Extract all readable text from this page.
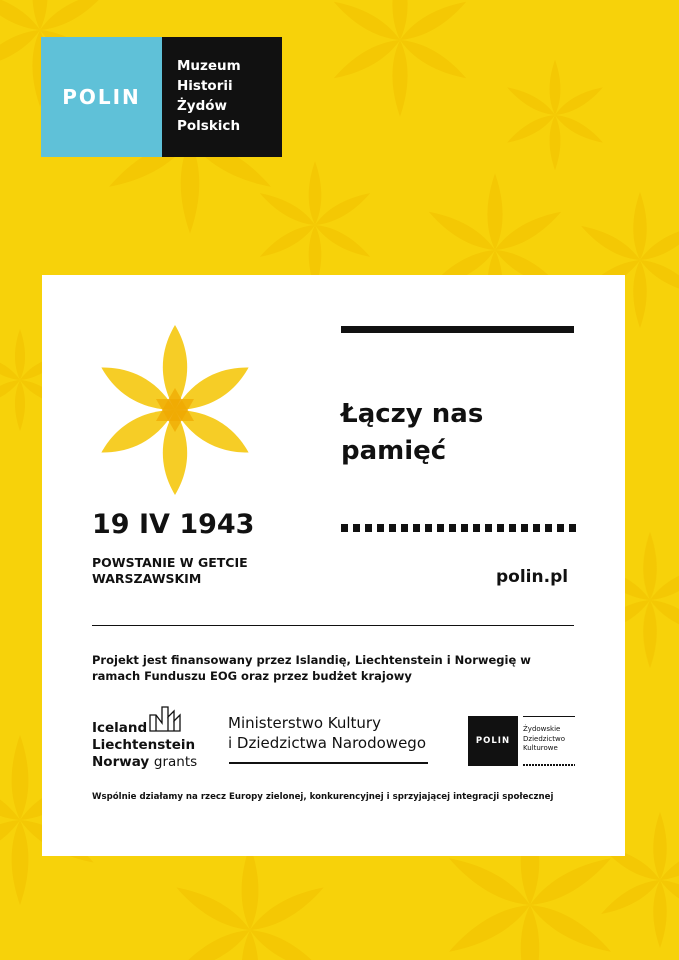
POLIN
Muzeum
Historii
Żydów
Polskich
19 IV 1943
POWSTANIE W GETCIE
WARSZAWSKIM
Łączy nas
pamięć
polin.pl
Projekt jest finansowany przez Islandię, Liechtenstein i Norwegię w ramach Funduszu EOG oraz przez budżet krajowy
Iceland
Liechtenstein
Norway grants
Ministerstwo Kultury
i Dziedzictwa Narodowego	POLIN
Żydowskie
Dziedzictwo
Kulturowe
Wspólnie działamy na rzecz Europy zielonej, konkurencyjnej i sprzyjającej integracji społecznej
